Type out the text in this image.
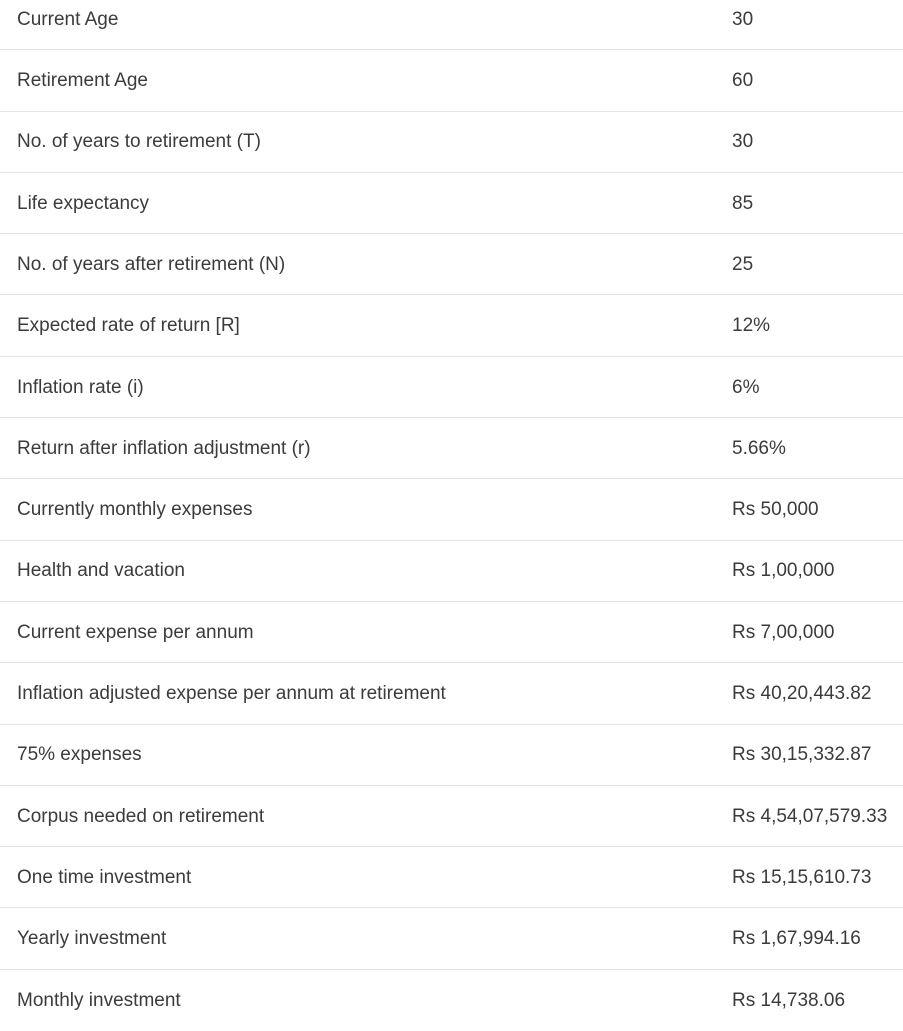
Current Age	30
Retirement Age	60
No. of years to retirement (T)	30
Life expectancy	85
No. of years after retirement (N)	25
Expected rate of return [R]	12%
Inflation rate (i)	6%
Return after inflation adjustment (r)	5.66%
Currently monthly expenses	Rs 50,000
Health and vacation	Rs 1,00,000
Current expense per annum	Rs 7,00,000
Inflation adjusted expense per annum at retirement	Rs 40,20,443.82
75% expenses	Rs 30,15,332.87
Corpus needed on retirement	Rs 4,54,07,579.33
One time investment	Rs 15,15,610.73
Yearly investment	Rs 1,67,994.16
Monthly investment	Rs 14,738.06
